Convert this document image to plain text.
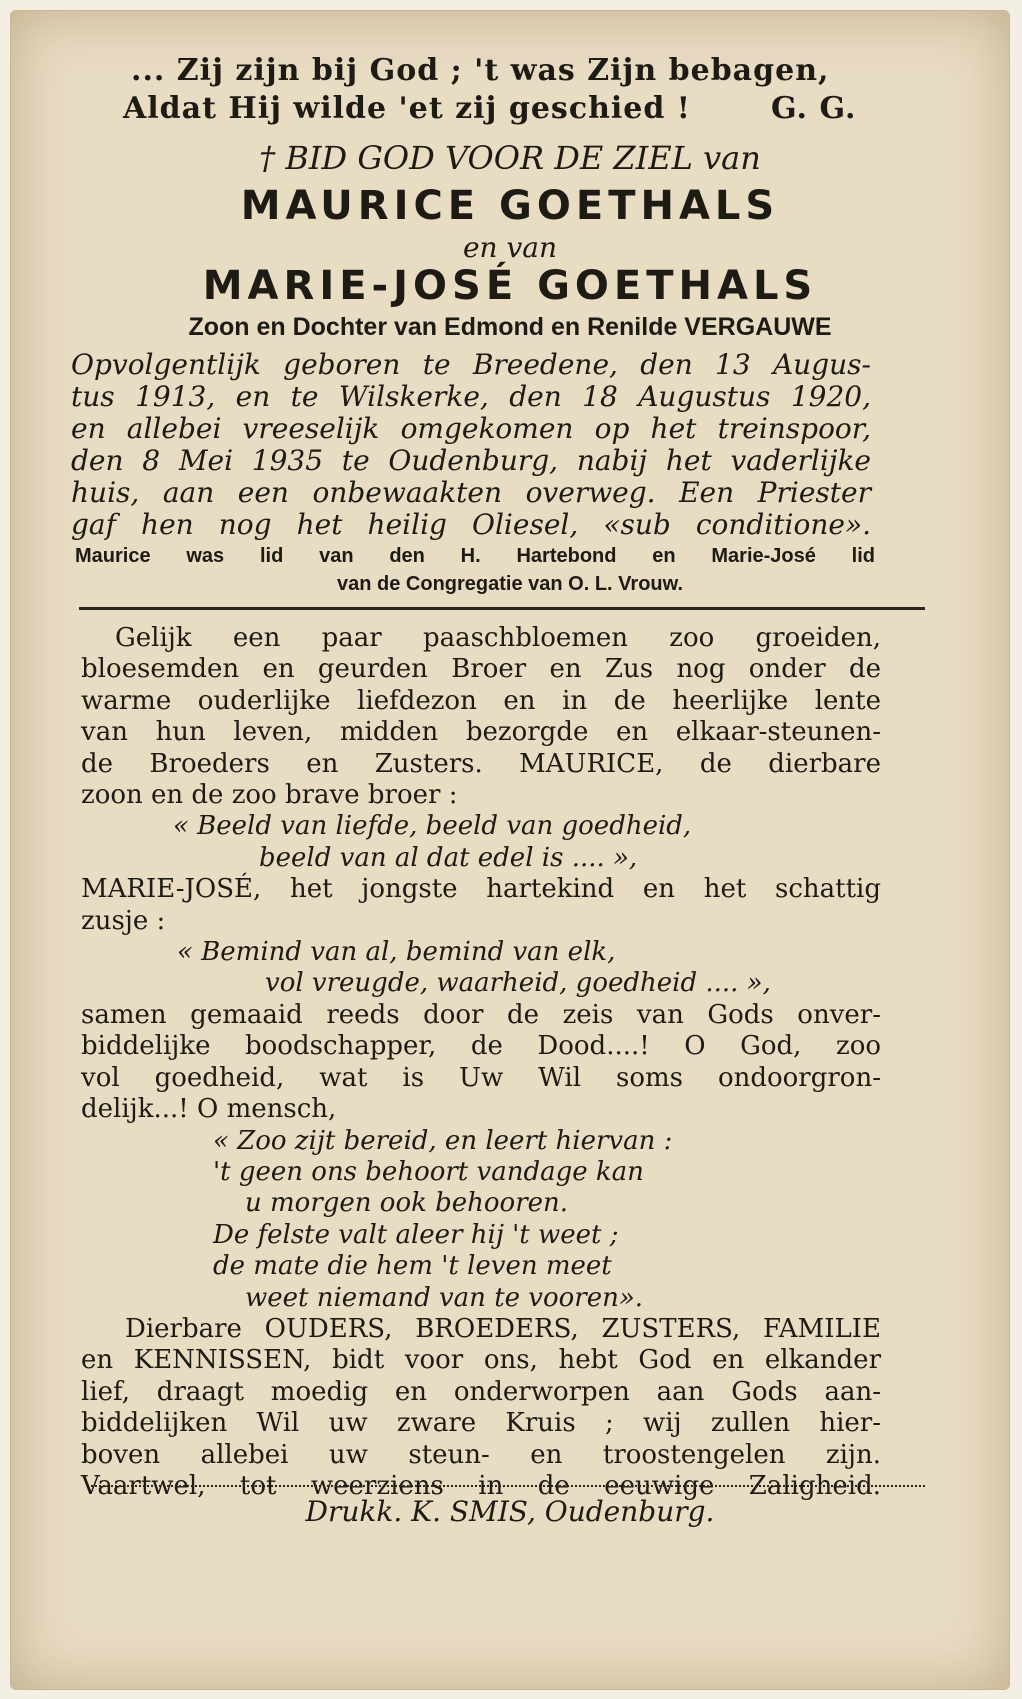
... Zij zijn bij God ; 't was Zijn bebagen,
Aldat Hij wilde 'et zij geschied !	G. G.
† BID GOD VOOR DE ZIEL van
MAURICE GOETHALS
en van
MARIE-JOSÉ GOETHALS
Zoon en Dochter van Edmond en Renilde VERGAUWE
Opvolgentlijk geboren te Breedene, den 13 Augus-
tus 1913, en te Wilskerke, den 18 Augustus 1920,
en allebei vreeselijk omgekomen op het treinspoor,
den 8 Mei 1935 te Oudenburg, nabij het vaderlijke
huis, aan een onbewaakten overweg. Een Priester
gaf hen nog het heilig Oliesel, «sub conditione».
Maurice was lid van den H. Hartebond en Marie-José lid
van de Congregatie van O. L. Vrouw.
Gelijk een paar paaschbloemen zoo groeiden,
bloesemden en geurden Broer en Zus nog onder de
warme ouderlijke liefdezon en in de heerlijke lente
van hun leven, midden bezorgde en elkaar-steunen-
de Broeders en Zusters. MAURICE, de dierbare
zoon en de zoo brave broer :
« Beeld van liefde, beeld van goedheid,
beeld van al dat edel is .... »,
MARIE-JOSÉ, het jongste hartekind en het schattig
zusje :
« Bemind van al, bemind van elk,
vol vreugde, waarheid, goedheid .... »,
samen gemaaid reeds door de zeis van Gods onver-
biddelijke boodschapper, de Dood....! O God, zoo
vol goedheid, wat is Uw Wil soms ondoorgron-
delijk...! O mensch,
« Zoo zijt bereid, en leert hiervan :
't geen ons behoort vandage kan
u morgen ook behooren.
De felste valt aleer hij 't weet ;
de mate die hem 't leven meet
weet niemand van te vooren».
Dierbare OUDERS, BROEDERS, ZUSTERS, FAMILIE
en KENNISSEN, bidt voor ons, hebt God en elkander
lief, draagt moedig en onderworpen aan Gods aan-
biddelijken Wil uw zware Kruis ; wij zullen hier-
boven allebei uw steun- en troostengelen zijn.
Vaartwel, tot weerziens in de eeuwige Zaligheid.
Drukk. K. SMIS, Oudenburg.
